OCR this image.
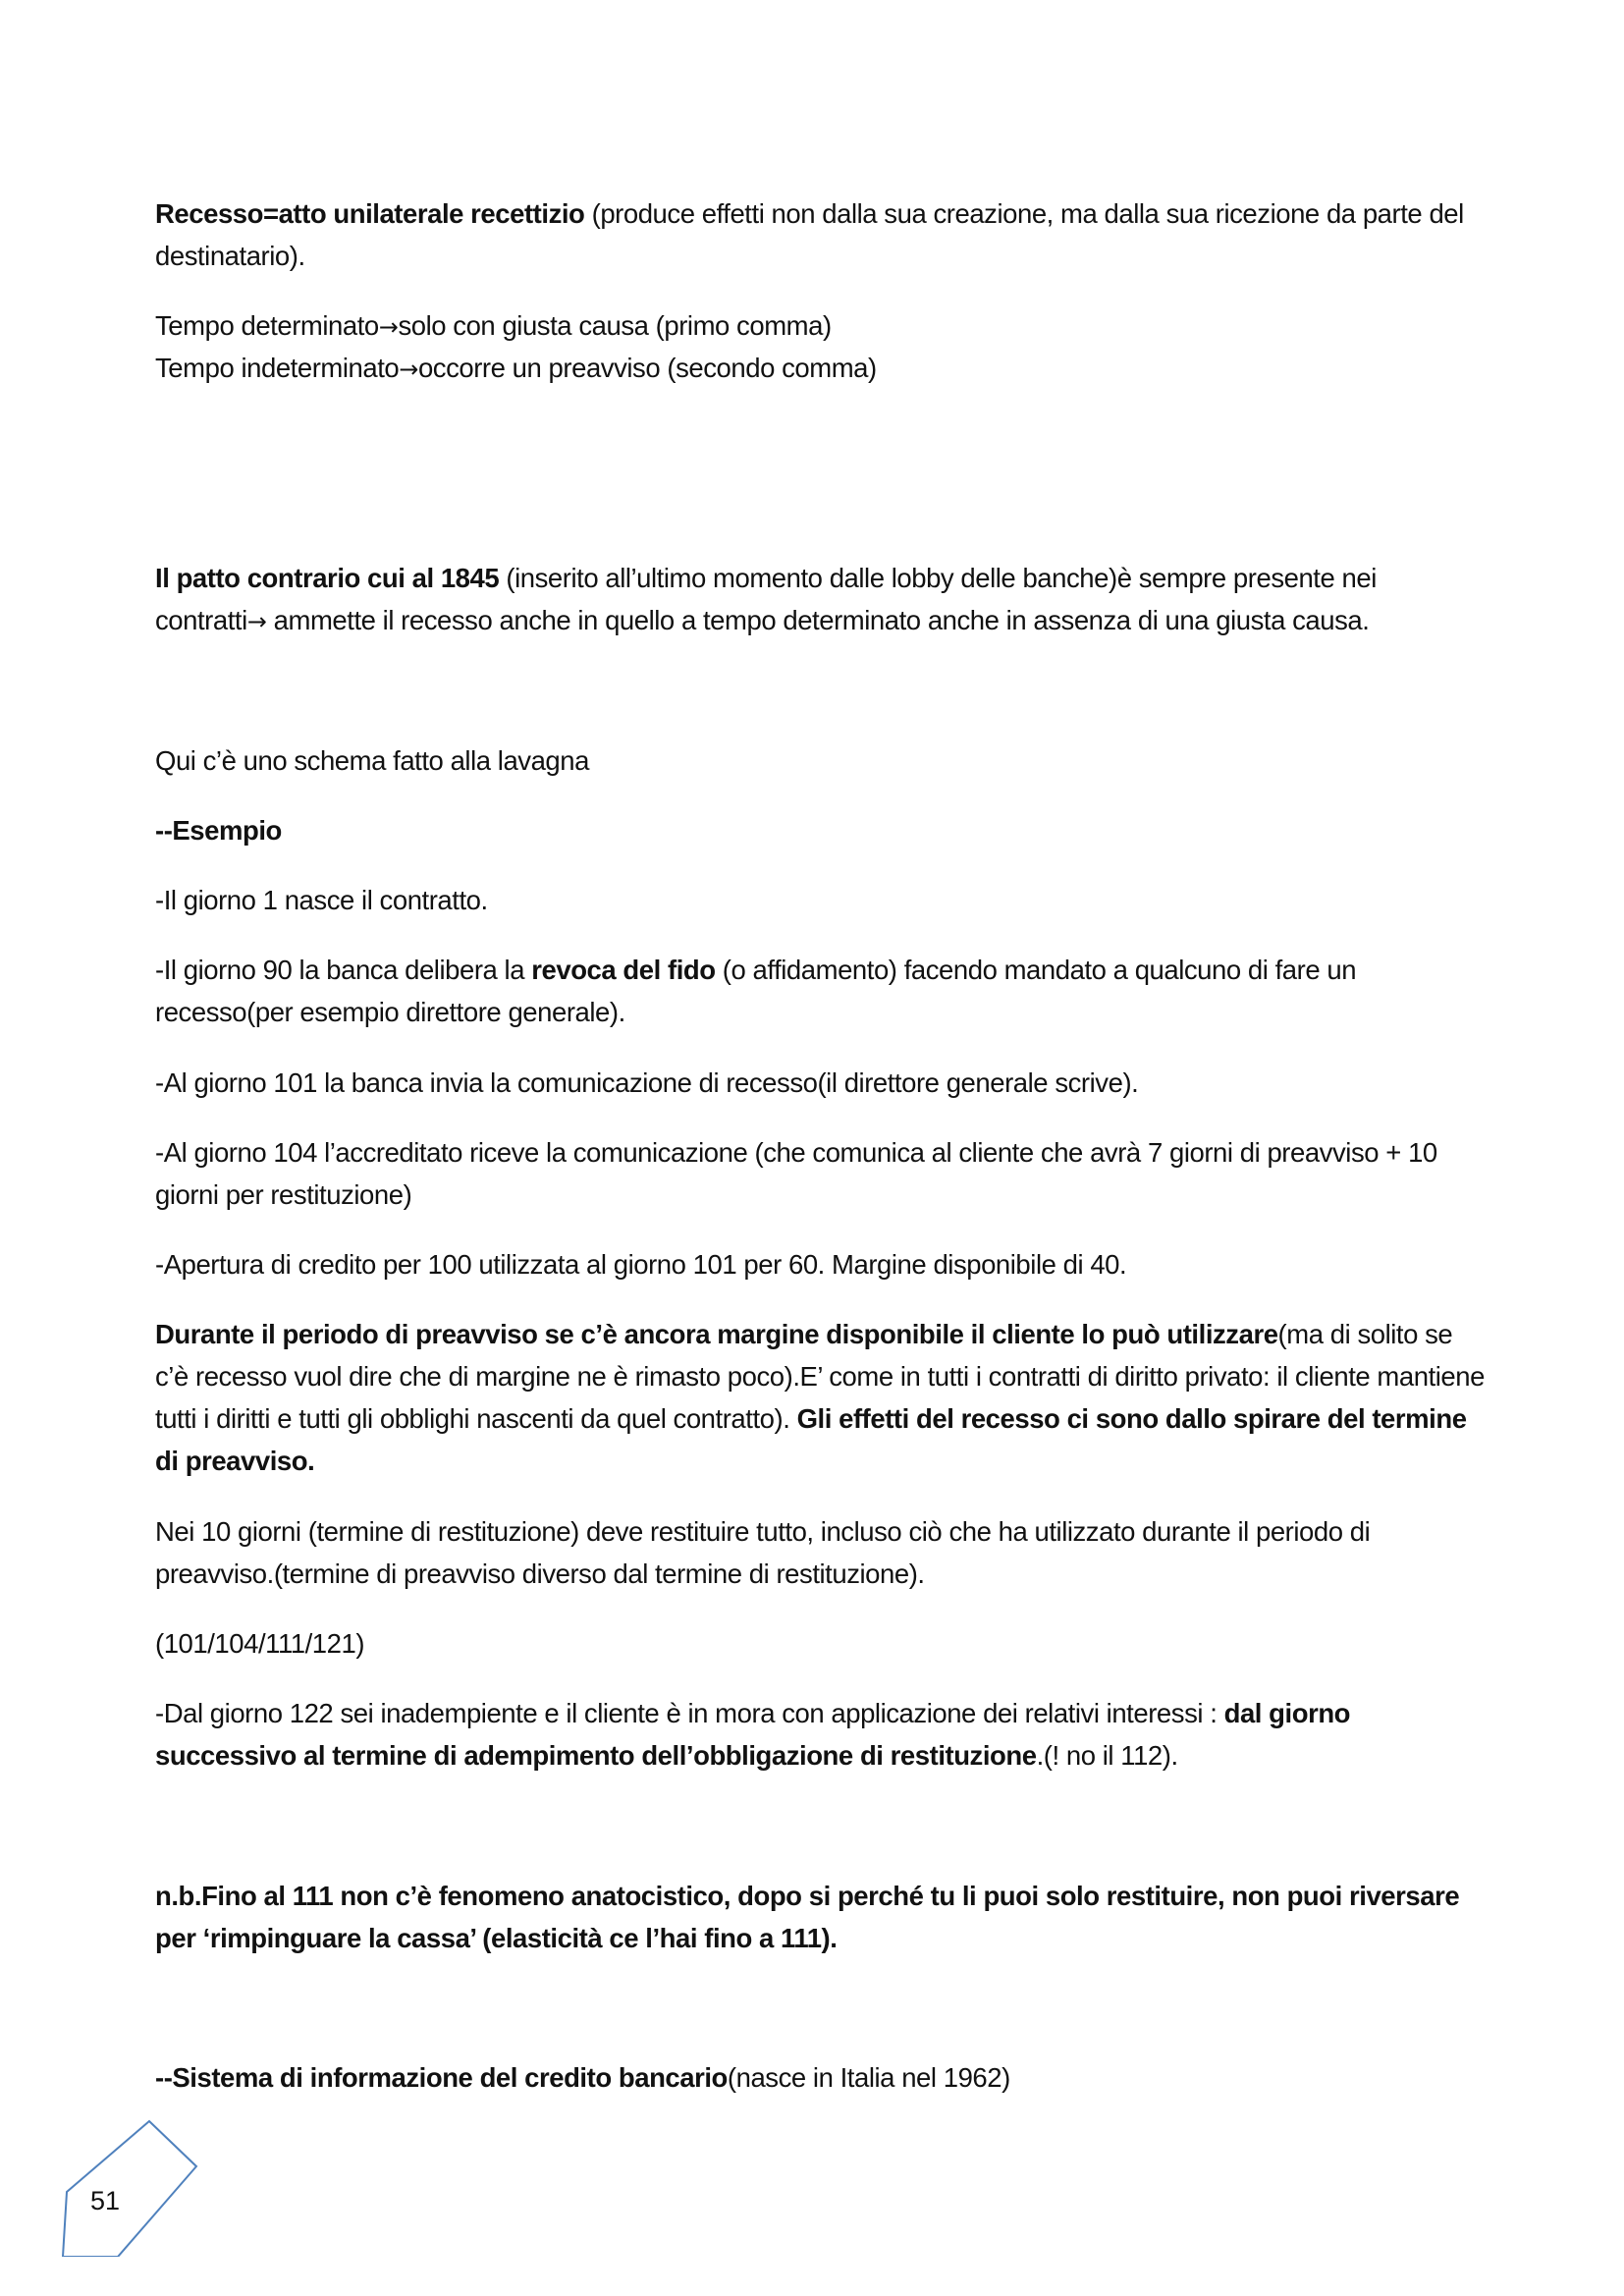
Recesso=atto unilaterale recettizio (produce effetti non dalla sua creazione, ma dalla sua ricezione da parte del destinatario).

Tempo determinato→solo con giusta causa (primo comma)

Tempo indeterminato→occorre un preavviso (secondo comma)

Il patto contrario cui al 1845 (inserito all’ultimo momento dalle lobby delle banche)è sempre presente nei contratti→ ammette il recesso anche in quello a tempo determinato anche in assenza di una giusta causa.

Qui c’è uno schema fatto alla lavagna

--Esempio

-Il giorno 1 nasce il contratto.

-Il giorno 90 la banca delibera la revoca del fido (o affidamento) facendo mandato a qualcuno di fare un recesso(per esempio direttore generale).

-Al giorno 101 la banca invia la comunicazione di recesso(il direttore generale scrive).

-Al giorno 104 l’accreditato riceve la comunicazione (che comunica al cliente che avrà 7 giorni di preavviso + 10 giorni per restituzione)

-Apertura di credito per 100 utilizzata al giorno 101 per 60. Margine disponibile di 40.

Durante il periodo di preavviso se c’è ancora margine disponibile il cliente lo può utilizzare(ma di solito se c’è recesso vuol dire che di margine ne è rimasto poco).E’ come in tutti i contratti di diritto privato: il cliente mantiene tutti i diritti e tutti gli obblighi nascenti da quel contratto). Gli effetti del recesso ci sono dallo spirare del termine di preavviso.

Nei 10 giorni (termine di restituzione) deve restituire tutto, incluso ciò che ha utilizzato durante il periodo di preavviso.(termine di preavviso diverso dal termine di restituzione).

(101/104/111/121)

-Dal giorno 122 sei inadempiente e il cliente è in mora con applicazione dei relativi interessi : dal giorno successivo al termine di adempimento dell’obbligazione di restituzione.(! no il 112).

n.b.Fino al 111 non c’è fenomeno anatocistico, dopo si perché tu li puoi solo restituire, non puoi riversare per ‘rimpinguare la cassa’ (elasticità ce l’hai fino a 111).

--Sistema di informazione del credito bancario(nasce in Italia nel 1962)

51
